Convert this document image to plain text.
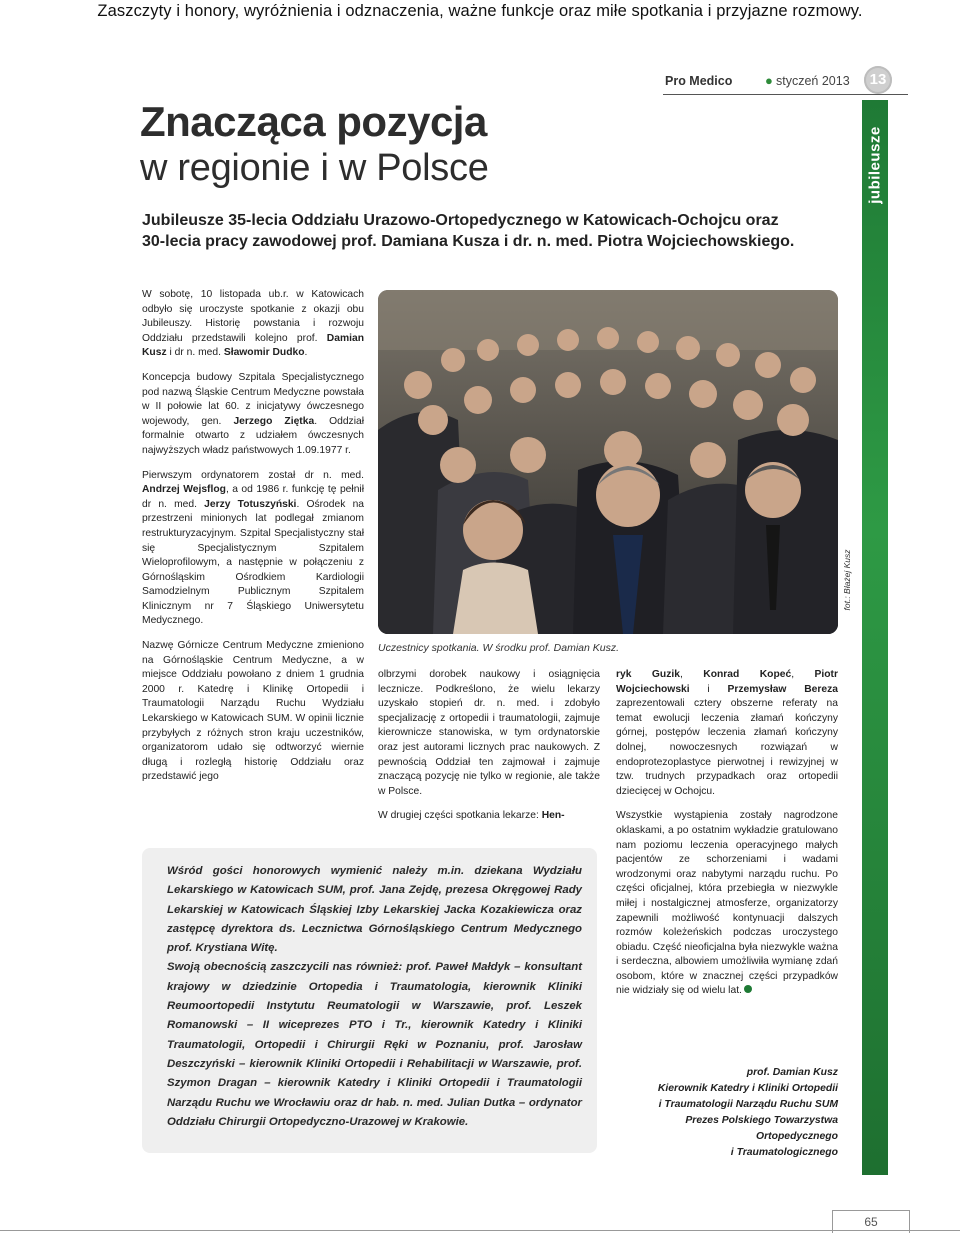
Zaszczyty i honory, wyróżnienia i odznaczenia, ważne funkcje oraz miłe spotkania i przyjazne rozmowy.
Pro Medico	● styczeń 2013	13
jubileusze
Znacząca pozycja
w regionie i w Polsce
Jubileusze 35-lecia Oddziału Urazowo-Ortopedycznego w Katowicach-Ochojcu oraz 30-lecia pracy zawodowej prof. Damiana Kusza i dr. n. med. Piotra Wojciechowskiego.

W sobotę, 10 listopada ub.r. w Katowicach odbyło się uroczyste spotkanie z okazji obu Jubileuszy. Historię powstania i rozwoju Oddziału przedstawili kolejno prof. Damian Kusz i dr n. med. Sławomir Dudko.

Koncepcja budowy Szpitala Specjalistycznego pod nazwą Śląskie Centrum Medyczne powstała w II połowie lat 60. z inicjatywy ówczesnego wojewody, gen. Jerzego Ziętka. Oddział formalnie otwarto z udziałem ówczesnych najwyższych władz państwowych 1.09.1977 r.

Pierwszym ordynatorem został dr n. med. Andrzej Wejsflog, a od 1986 r. funkcję tę pełnił dr n. med. Jerzy Totuszyński. Ośrodek na przestrzeni minionych lat podlegał zmianom restrukturyzacyjnym. Szpital Specjalistyczny stał się Specjalistycznym Szpitalem Wieloprofilowym, a następnie w połączeniu z Górnośląskim Ośrodkiem Kardiologii Samodzielnym Publicznym Szpitalem Klinicznym nr 7 Śląskiego Uniwersytetu Medycznego.

Nazwę Górnicze Centrum Medyczne zmieniono na Górnośląskie Centrum Medyczne, a w miejsce Oddziału powołano z dniem 1 grudnia 2000 r. Katedrę i Klinikę Ortopedii i Traumatologii Narządu Ruchu Wydziału Lekarskiego w Katowicach SUM. W opinii licznie przybyłych z różnych stron kraju uczestników, organizatorom udało się odtworzyć wiernie długą i rozległą historię Oddziału oraz przedstawić jego

fot.: Błażej Kusz
Uczestnicy spotkania. W środku prof. Damian Kusz.

olbrzymi dorobek naukowy i osiągnięcia lecznicze. Podkreślono, że wielu lekarzy uzyskało stopień dr. n. med. i zdobyło specjalizację z ortopedii i traumatologii, zajmuje kierownicze stanowiska, w tym ordynatorskie oraz jest autorami licznych prac naukowych. Z pewnością Oddział ten zajmował i zajmuje znaczącą pozycję nie tylko w regionie, ale także w Polsce.

W drugiej części spotkania lekarze: Hen-

ryk Guzik, Konrad Kopeć, Piotr Wojciechowski i Przemysław Bereza zaprezentowali cztery obszerne referaty na temat ewolucji leczenia złamań kończyny górnej, postępów leczenia złamań kończyny dolnej, nowoczesnych rozwiązań w endoprotezoplastyce pierwotnej i rewizyjnej w tzw. trudnych przypadkach oraz ortopedii dziecięcej w Ochojcu.

Wszystkie wystąpienia zostały nagrodzone oklaskami, a po ostatnim wykładzie gratulowano nam poziomu leczenia operacyjnego małych pacjentów ze schorzeniami i wadami wrodzonymi oraz nabytymi narządu ruchu. Po części oficjalnej, która przebiegła w niezwykle miłej i nostalgicznej atmosferze, organizatorzy zapewnili możliwość kontynuacji dalszych rozmów koleżeńskich podczas uroczystego obiadu. Część nieoficjalna była niezwykle ważna i serdeczna, albowiem umożliwiła wymianę zdań osobom, które w znacznej części przypadków nie widziały się od wielu lat.

Wśród gości honorowych wymienić należy m.in. dziekana Wydziału Lekarskiego w Katowicach SUM, prof. Jana Zejdę, prezesa Okręgowej Rady Lekarskiej w Katowicach Śląskiej Izby Lekarskiej Jacka Kozakiewicza oraz zastępcę dyrektora ds. Lecznictwa Górnośląskiego Centrum Medycznego prof. Krystiana Witę.

Swoją obecnością zaszczycili nas również: prof. Paweł Małdyk – konsultant krajowy w dziedzinie Ortopedia i Traumatologia, kierownik Kliniki Reumoortopedii Instytutu Reumatologii w Warszawie, prof. Leszek Romanowski – II wiceprezes PTO i Tr., kierownik Katedry i Kliniki Traumatologii, Ortopedii i Chirurgii Ręki w Poznaniu, prof. Jarosław Deszczyński – kierownik Kliniki Ortopedii i Rehabilitacji w Warszawie, prof. Szymon Dragan – kierownik Katedry i Kliniki Ortopedii i Traumatologii Narządu Ruchu we Wrocławiu oraz dr hab. n. med. Julian Dutka – ordynator Oddziału Chirurgii Ortopedyczno-Urazowej w Krakowie.

prof. Damian Kusz
Kierownik Katedry i Kliniki Ortopedii
i Traumatologii Narządu Ruchu SUM
Prezes Polskiego Towarzystwa
Ortopedycznego
i Traumatologicznego
65
